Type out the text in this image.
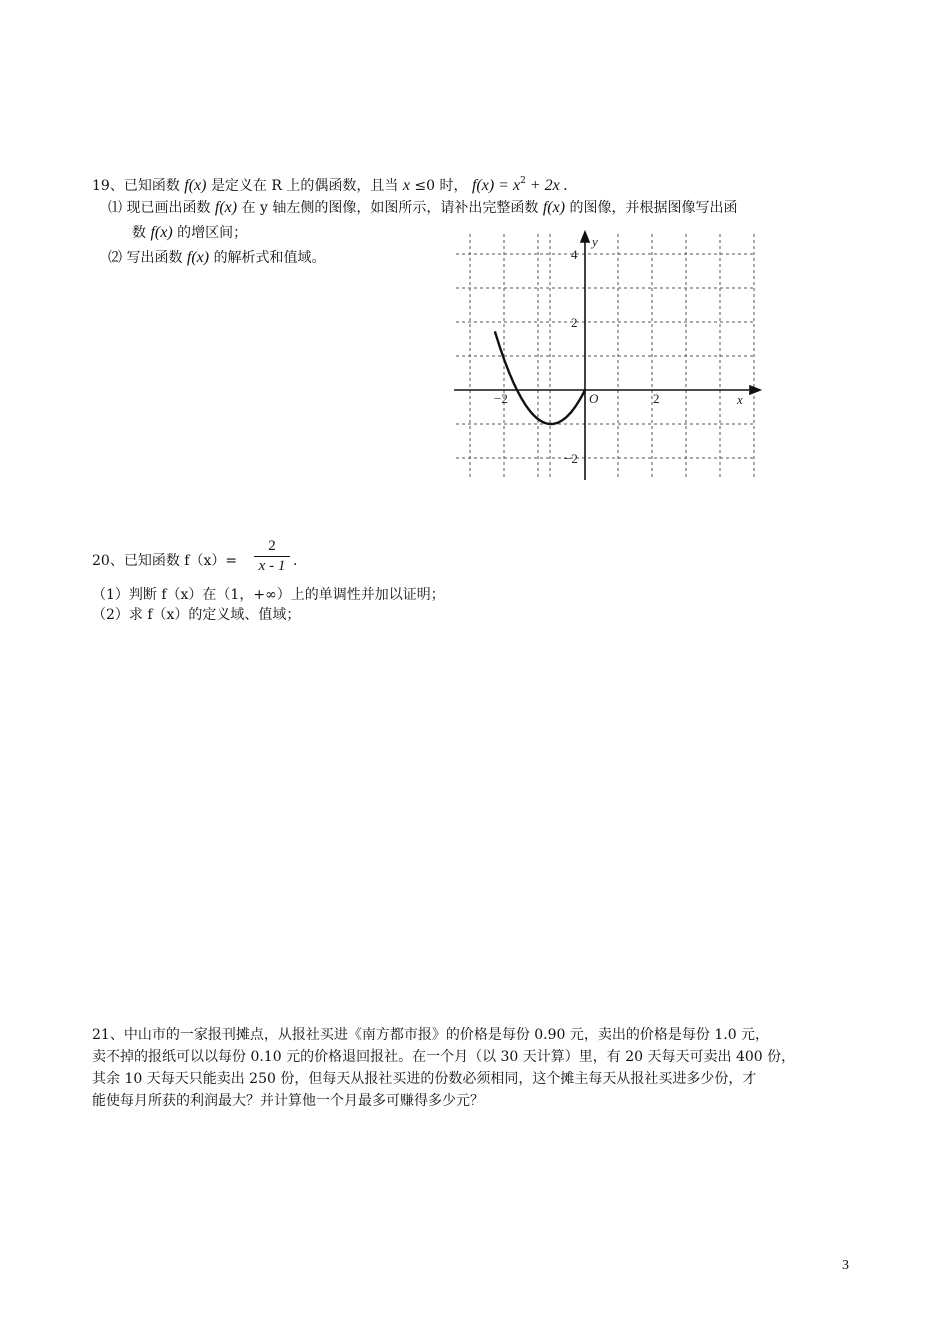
19、已知函数 f(x) 是定义在 R 上的偶函数，且当 x ≤0 时， $f(x) = x^2 + 2x$ .
⑴ 现已画出函数 f(x) 在 y 轴左侧的图像，如图所示，请补出完整函数 f(x) 的图像，并根据图像写出函
数 f(x) 的增区间；
⑵ 写出函数 f(x) 的解析式和值域。
y
x
O
4
2
−2
−2	2
20、已知函数 $f(x)= \frac{2}{x - 1}$ .
（1）判断 f（x）在（1，+∞）上的单调性并加以证明；
（2）求 f（x）的定义域、值域；
21、中山市的一家报刊摊点，从报社买进《南方都市报》的价格是每份 0.90 元，卖出的价格是每份 1.0 元，
卖不掉的报纸可以以每份 0.10 元的价格退回报社。在一个月（以 30 天计算）里，有 20 天每天可卖出 400 份，
其余 10 天每天只能卖出 250 份，但每天从报社买进的份数必须相同，这个摊主每天从报社买进多少份，才
能使每月所获的利润最大？并计算他一个月最多可赚得多少元？
3
